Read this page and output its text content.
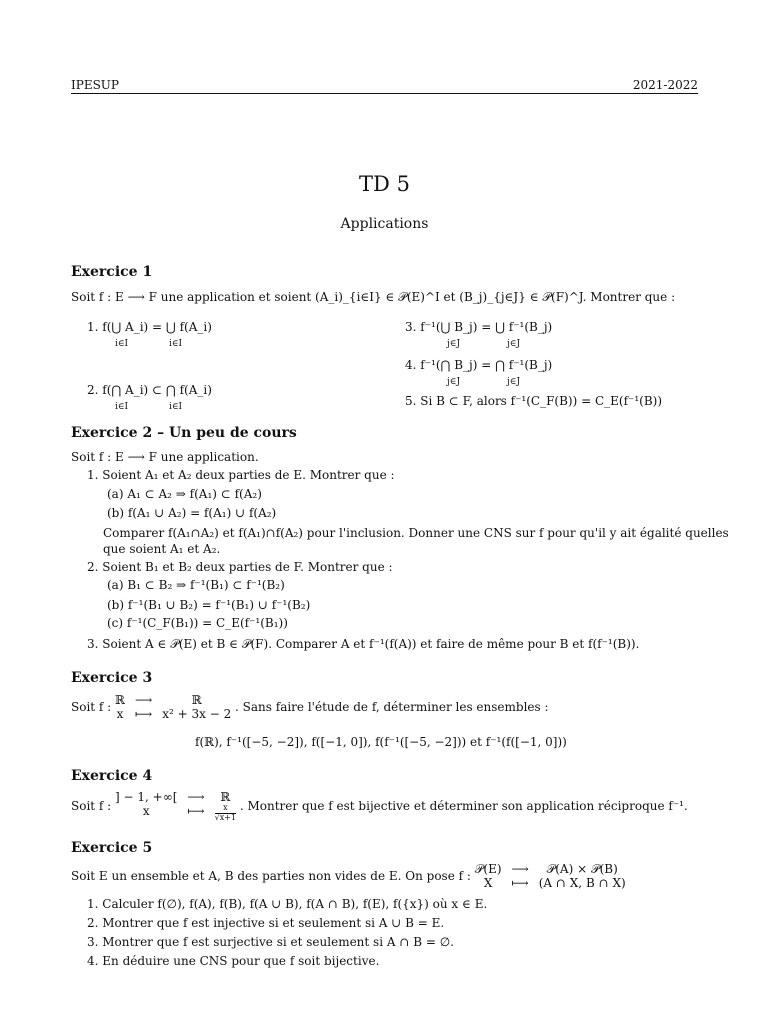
IPESUP	2021-2022
TD 5
Applications
Exercice 1
Soit f : E ⟶ F une application et soient (A_i)_{i∈I} ∈ 𝒫(E)^I et (B_j)_{j∈J} ∈ 𝒫(F)^J. Montrer que :
1. f(⋃ A_i) = ⋃ f(A_i)
i∈I	i∈I
2. f(⋂ A_i) ⊂ ⋂ f(A_i)
i∈I	i∈I
3. f⁻¹(⋃ B_j) = ⋃ f⁻¹(B_j)
j∈J	j∈J
4. f⁻¹(⋂ B_j) = ⋂ f⁻¹(B_j)
j∈J	j∈J
5. Si B ⊂ F, alors f⁻¹(C_F(B)) = C_E(f⁻¹(B))
Exercice 2 – Un peu de cours
Soit f : E ⟶ F une application.
1. Soient A₁ et A₂ deux parties de E. Montrer que :
(a) A₁ ⊂ A₂ ⇒ f(A₁) ⊂ f(A₂)
(b) f(A₁ ∪ A₂) = f(A₁) ∪ f(A₂)
Comparer f(A₁∩A₂) et f(A₁)∩f(A₂) pour l'inclusion. Donner une CNS sur f pour qu'il y ait égalité quelles
que soient A₁ et A₂.
2. Soient B₁ et B₂ deux parties de F. Montrer que :
(a) B₁ ⊂ B₂ ⇒ f⁻¹(B₁) ⊂ f⁻¹(B₂)
(b) f⁻¹(B₁ ∪ B₂) = f⁻¹(B₁) ∪ f⁻¹(B₂)
(c) f⁻¹(C_F(B₁)) = C_E(f⁻¹(B₁))
3. Soient A ∈ 𝒫(E) et B ∈ 𝒫(F). Comparer A et f⁻¹(f(A)) et faire de même pour B et f(f⁻¹(B)).
Exercice 3
Soit f : ℝ ⟶	ℝ
x ⟼ x² + 3x − 2
. Sans faire l'étude de f, déterminer les ensembles :
f(ℝ), f⁻¹([−5, −2]), f([−1, 0]), f(f⁻¹([−5, −2])) et f⁻¹(f([−1, 0]))
Exercice 4
Soit f :
] − 1, +∞[ ⟶	ℝ
x	⟼ $\frac{x}{√x+1}$ . Montrer que f est bijective et déterminer son application réciproque f⁻¹.
Exercice 5
Soit E un ensemble et A, B des parties non vides de E. On pose f : 𝒫(E) ⟶	𝒫(A) × 𝒫(B)
X	⟼ (A ∩ X, B ∩ X)
1. Calculer f(∅), f(A), f(B), f(A ∪ B), f(A ∩ B), f(E), f({x}) où x ∈ E.
2. Montrer que f est injective si et seulement si A ∪ B = E.
3. Montrer que f est surjective si et seulement si A ∩ B = ∅.
4. En déduire une CNS pour que f soit bijective.
